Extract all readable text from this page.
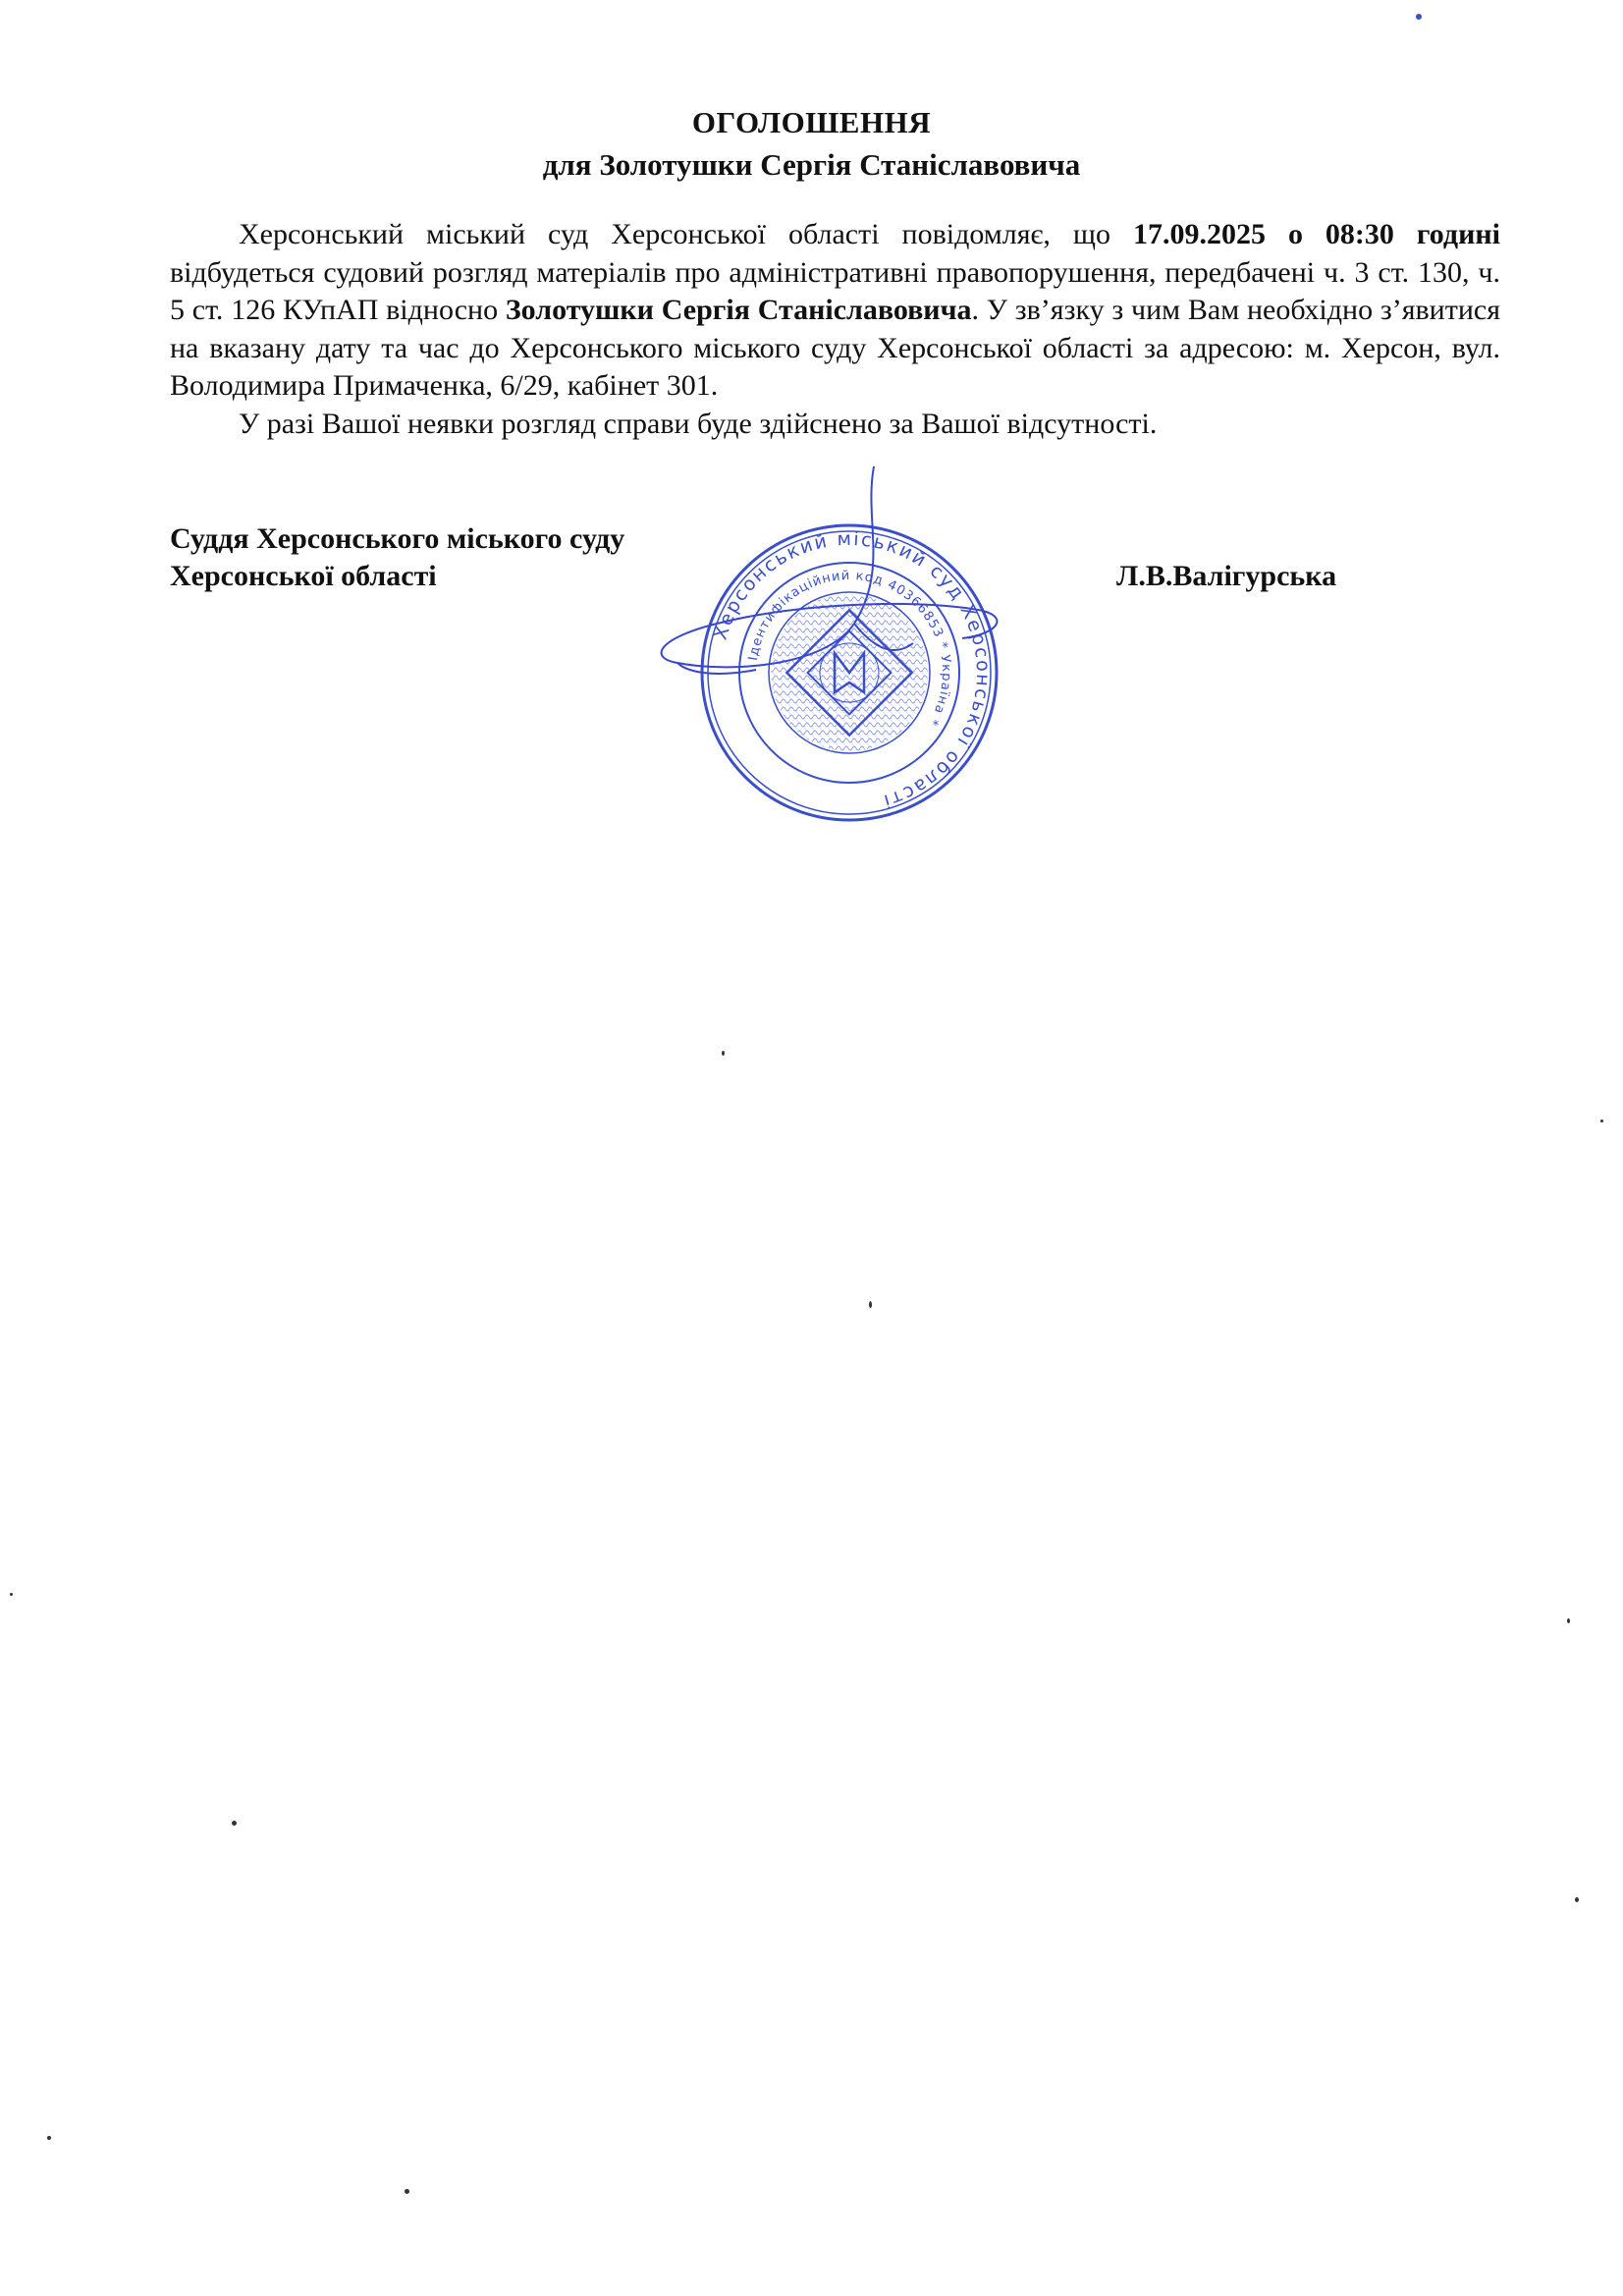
ОГОЛОШЕННЯ
для Золотушки Сергія Станіславовича

Херсонський міський суд Херсонської області повідомляє, що 17.09.2025 о 08:30 годині відбудеться судовий розгляд матеріалів про адміністративні правопорушення, передбачені ч. 3 ст. 130, ч. 5 ст. 126 КУпАП відносно Золотушки Сергія Станіславовича. У зв’язку з чим Вам необхідно з’явитися на вказану дату та час до Херсонського міського суду Херсонської області за адресою: м. Херсон, вул. Володимира Примаченка, 6/29, кабінет 301.

У разі Вашої неявки розгляд справи буде здійснено за Вашої відсутності.

Суддя Херсонського міського суду
Херсонської області	Л.В.Валігурська
Херсонський міський суд Херсонської області
Ідентифікаційний код 40366853 * Україна *
